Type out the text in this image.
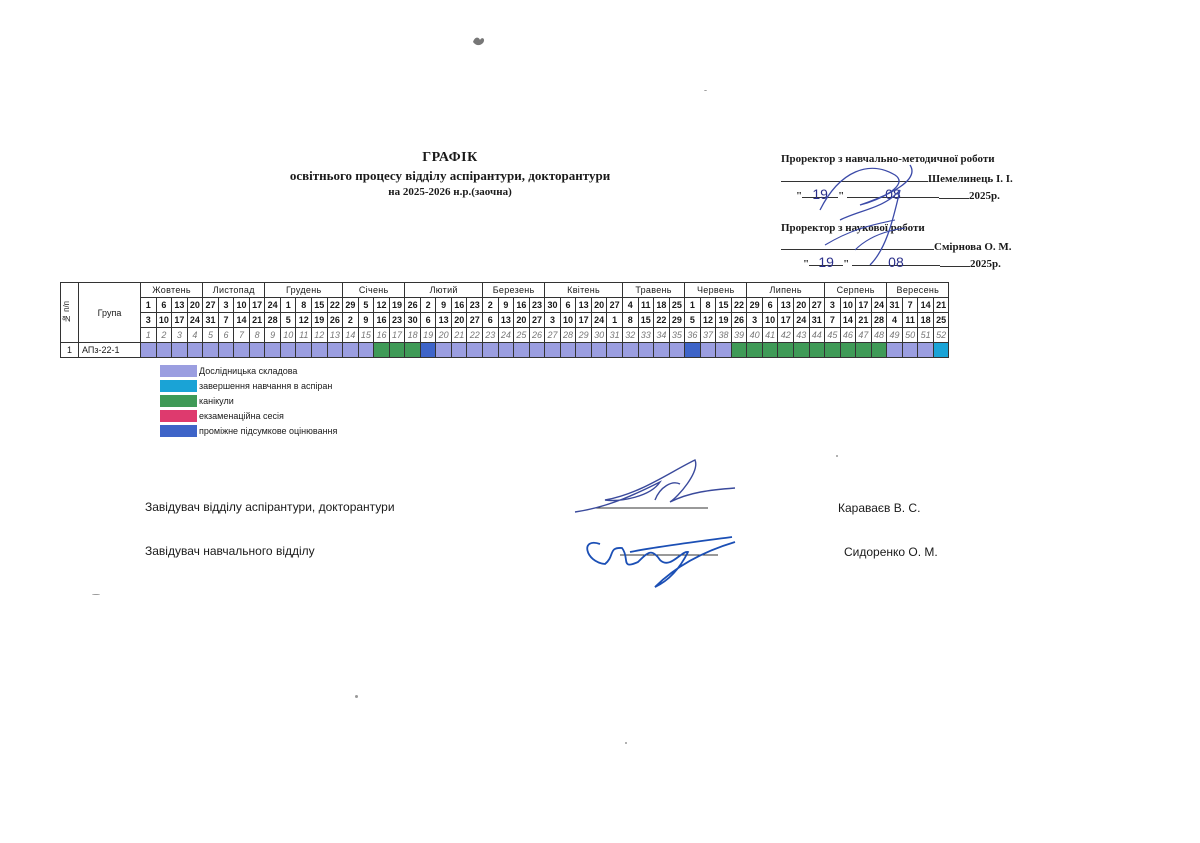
ГРАФІК
освітнього процесу відділу аспірантури, докторантури
на 2025-2026 н.р.(заочна)
Проректор з навчально-методичної роботи
Шемелинець І. І.
" 19 "	08	2025р.
Проректор з наукової роботи
Смірнова О. М.
" 19 "	08	2025р.
№ п/п	Група	Жовтень				Листопад				Грудень					Січень				Лютий					Березень				Квітень					Травень				Червень				Липень					Серпень				Вересень			
		1	6	13	20	27	3	10	17	24	1	8	15	22	29	5	12	19	26	2	9	16	23	2	9	16	23	30	6	13	20	27	4	11	18	25	1	8	15	22	29	6	13	20	27	3	10	17	24	31	7	14	21
		3	10	17	24	31	7	14	21	28	5	12	19	26	2	9	16	23	30	6	13	20	27	6	13	20	27	3	10	17	24	1	8	15	22	29	5	12	19	26	3	10	17	24	31	7	14	21	28	4	11	18	25
		1	2	3	4	5	6	7	8	9	10	11	12	13	14	15	16	17	18	19	20	21	22	23	24	25	26	27	28	29	30	31	32	33	34	35	36	37	38	39	40	41	42	43	44	45	46	47	48	49	50	51	52
1	АПз-22-1																																																				
Дослідницька складова
завершення навчання в аспіран
канікули
екзаменаційна сесія
проміжне підсумкове оцінювання
Завідувач відділу аспірантури, докторантури	Караваєв В. С.
Завідувач навчального відділу	Сидоренко О. М.
